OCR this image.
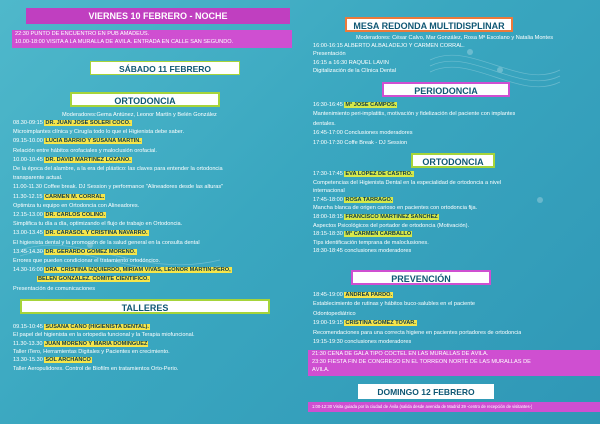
VIERNES 10 FEBRERO - NOCHE
22:30 PUNTO DE ENCUENTRO EN PUB AMADEUS.
10.00-18:00 VISITA A LA MURALLA DE ÁVILA. ENTRADA EN CALLE SAN SEGUNDO.
SÁBADO 11 FEBRERO
ORTODONCIA
Moderadores:Gema Antúnez, Leonor Martín y Belén González
08.30-09:15 DR. JUAN JOSÉ SOLERI COCO.
Microimplantes clínica y Cirugía todo lo que el Higienista debe saber.
09.15-10.00 LUCIA BARRIO Y SUSANA MARTÍN.
Relación entre hábitos orofaciales y maloclusión orofacial.
10.00-10.45 DR. DAVID MARTÍNEZ LOZANO.
De la época del alambre, a la era del plástico: las claves para entender la ortodoncia
transparente actual.
11.00-11.30 Coffee break. DJ Session y performance "Alineadores desde las alturas"
11.30-12.15 CARMEN M. CORRAL.
Optimiza tu equipo en Ortodoncia con Alineadores.
12.15-13.00 DR. CARLOS COLINO.
Simplifica tu día a día, optimizando el flujo de trabajo en Ortodoncia.
13.00-13.45 DR. CARASOL Y CRISTINA NAVARRO.
El higienista dental y la promoción de la salud general en la consulta dental
13.45-14.30 DR. GERARDO GÓMEZ MORENO.
Errores que pueden condicionar el tratamiento ortodóncico.
14.30-16:00 DRA. CRISTINA IZQUIERDO, MIRIAM VIVAS, LEONOR MARTÍN-PERO,
BELÉN GONZÁLEZ. COMITÉ CIENTÍFICO.
Presentación de comunicaciones
TALLERES
09.15-10:45 SUSANA CANO (HIGIENISTA DENTAL).
El papel del higienista en la ortopedia funcional y la Terapia miofuncional.
11.30-13.30 JUAN MORENO Y MARÍA DOMÍNGUEZ
Taller iTero, Herramientas Digitales y Pacientes en crecimiento.
13.30-15.30 SOL ARCHANCO
Taller Aeropulidores. Control de Biofilm en tratamientos Orto-Perio.
MESA REDONDA MULTIDISPLINAR
Moderadores: César Calvo, Mar González, Rosa Mª Escolano y Natalia Montes
16:00-16:15 ALBERTO ALBALADEJO Y CARMEN CORRAL.
Presentación
16:15 a 16:30 RAQUEL LAVÍN
Digitalización de la Clínica Dental
PERIODONCIA
16:30-16:45 Mª JOSÉ CAMPOS.
Mantenimiento peri-implatitis, motivación y fidelización del paciente con implantes
dentales.
16:45-17:00 Conclusiones moderadores
17:00-17:30 Coffe Break - DJ Session
ORTODONCIA
17:30-17:45 EVA LÓPEZ DE CASTRO.
Competencias del Higienista Dental en la especialidad de ortodoncia a nivel
internacional
17:45-18:00 ROSA TARRAGÓ.
Mancha blanca de origen carioso en pacientes con ortodoncia fija.
18:00-18:15 FRANCISCO MARTÍNEZ SÁNCHEZ
Aspectos Psicológicos del portador de ortodoncia (Motivación).
18:15-18:30 Mª CARMEN CARBALLO
Tips identificación temprana de maloclusiones.
18:30-18:45 conclusiones moderadores
PREVENCIÓN
18:45-19:00 ANDREA PARDO.
Establecimiento de rutinas y hábitos buco-salubles en el paciente
Odontopediátrico
19:00-19:15 CRISTINA GÓMEZ TOVAR.
Recomendaciones para una correcta higiene en pacientes portadores de ortodoncia
19:15-19:30 conclusiones moderadores
21:30 CENA DE GALA TIPO CÓCTEL EN LAS MURALLAS DE ÁVILA.
23:30 FIESTA FIN DE CONGRESO EN EL TORREÓN NORTE DE LAS MURALLAS DE
ÁVILA.
DOMINGO 12 FEBRERO
1:00-12:30 Visita guiada por la ciudad de Ávila (salida desde avenida de Madrid 39 -centro de recepción de visitantes-)
